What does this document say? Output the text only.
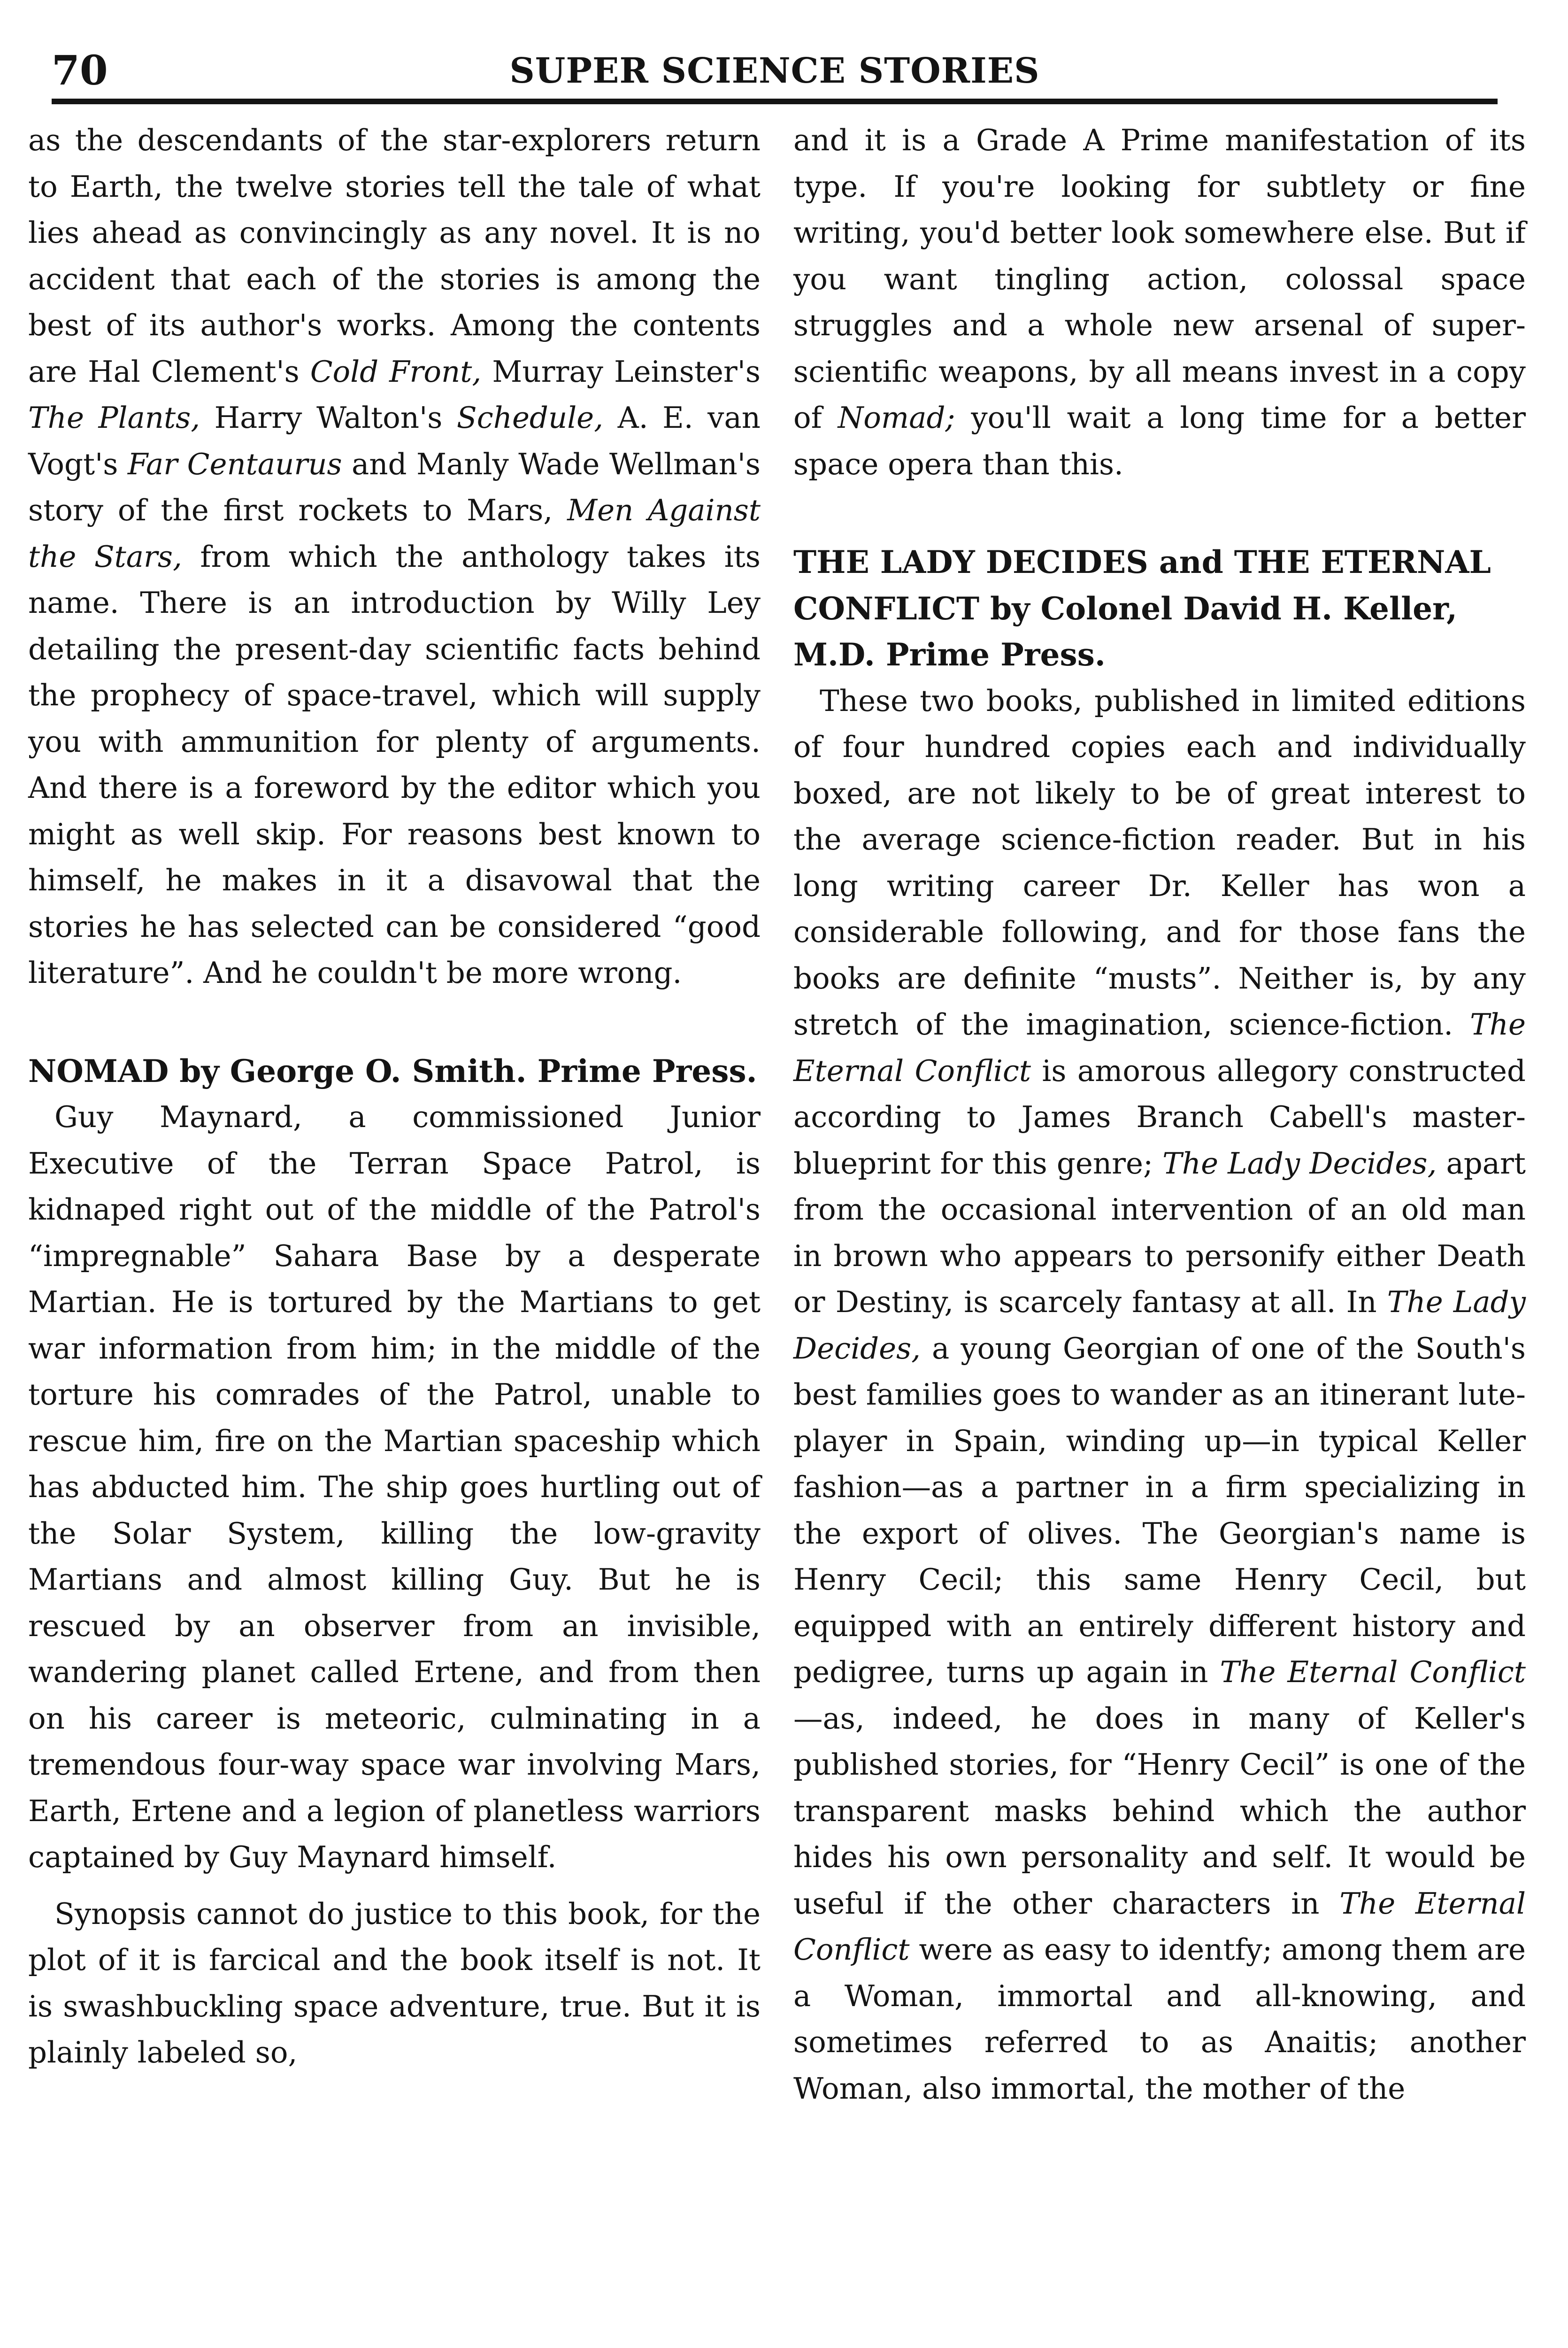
70	SUPER SCIENCE STORIES

as the descendants of the star-explorers return to Earth, the twelve stories tell the tale of what lies ahead as convincingly as any novel. It is no accident that each of the stories is among the best of its author's works. Among the contents are Hal Clement's Cold Front, Murray Leinster's The Plants, Harry Walton's Schedule, A. E. van Vogt's Far Centaurus and Manly Wade Wellman's story of the first rockets to Mars, Men Against the Stars, from which the anthology takes its name. There is an introduction by Willy Ley detailing the present-day scientific facts behind the prophecy of space-travel, which will supply you with ammunition for plenty of arguments. And there is a foreword by the editor which you might as well skip. For reasons best known to himself, he makes in it a disavowal that the stories he has selected can be considered “good literature”. And he couldn't be more wrong.

NOMAD by George O. Smith. Prime Press.

Guy Maynard, a commissioned Junior Executive of the Terran Space Patrol, is kidnaped right out of the middle of the Patrol's “impregnable” Sahara Base by a desperate Martian. He is tortured by the Martians to get war information from him; in the middle of the torture his comrades of the Patrol, unable to rescue him, fire on the Martian spaceship which has abducted him. The ship goes hurtling out of the Solar System, killing the low-gravity Martians and almost killing Guy. But he is rescued by an observer from an invisible, wandering planet called Ertene, and from then on his career is meteoric, culminating in a tremendous four-way space war involving Mars, Earth, Ertene and a legion of planetless warriors captained by Guy Maynard himself.

Synopsis cannot do justice to this book, for the plot of it is farcical and the book itself is not. It is swashbuckling space adventure, true. But it is plainly labeled so,

and it is a Grade A Prime manifestation of its type. If you're looking for subtlety or fine writing, you'd better look somewhere else. But if you want tingling action, colossal space struggles and a whole new arsenal of super-scientific weapons, by all means invest in a copy of Nomad; you'll wait a long time for a better space opera than this.

THE LADY DECIDES and THE ETERNAL CONFLICT by Colonel David H. Keller, M.D. Prime Press.

These two books, published in limited editions of four hundred copies each and individually boxed, are not likely to be of great interest to the average science-fiction reader. But in his long writing career Dr. Keller has won a considerable following, and for those fans the books are definite “musts”. Neither is, by any stretch of the imagination, science-fiction. The Eternal Conflict is amorous allegory constructed according to James Branch Cabell's master-blueprint for this genre; The Lady Decides, apart from the occasional intervention of an old man in brown who appears to personify either Death or Destiny, is scarcely fantasy at all. In The Lady Decides, a young Georgian of one of the South's best families goes to wander as an itinerant lute-player in Spain, winding up—in typical Keller fashion—as a partner in a firm specializing in the export of olives. The Georgian's name is Henry Cecil; this same Henry Cecil, but equipped with an entirely different history and pedigree, turns up again in The Eternal Conflict—as, indeed, he does in many of Keller's published stories, for “Henry Cecil” is one of the transparent masks behind which the author hides his own personality and self. It would be useful if the other characters in The Eternal Conflict were as easy to identfy; among them are a Woman, immortal and all-knowing, and sometimes referred to as Anaitis; another Woman, also immortal, the mother of the
